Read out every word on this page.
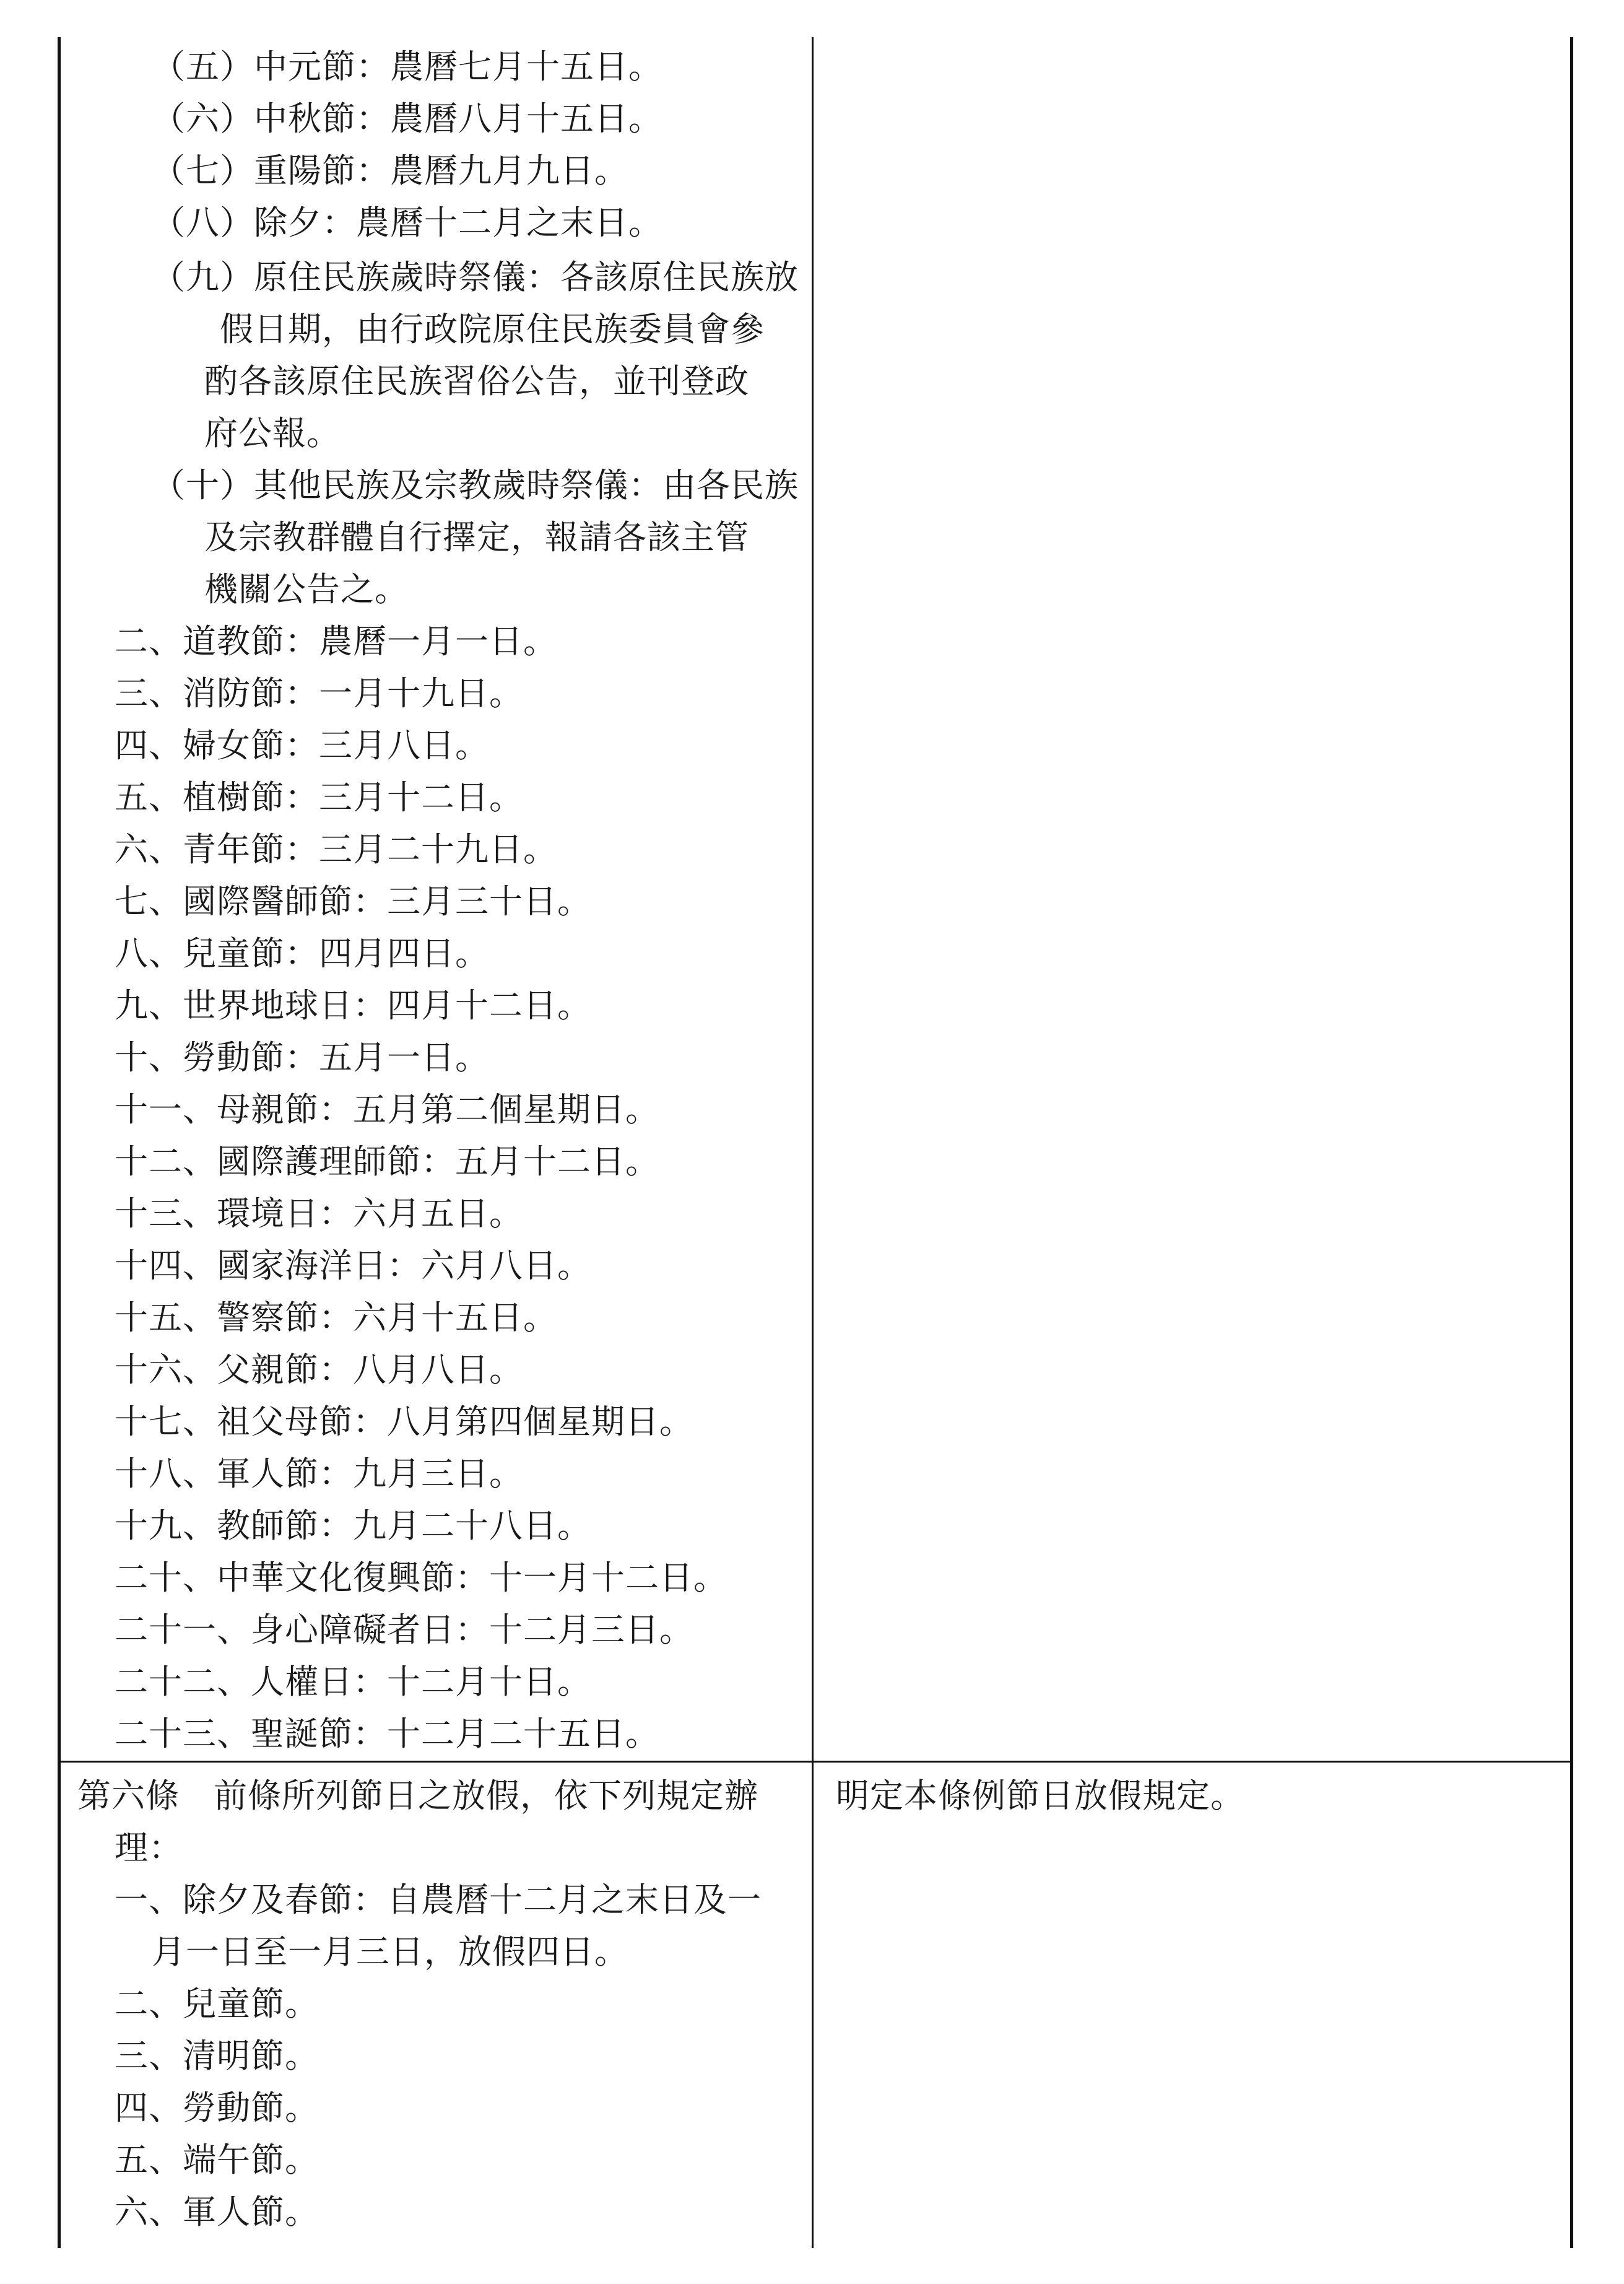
（五）中元節：農曆七月十五日。
（六）中秋節：農曆八月十五日。
（七）重陽節：農曆九月九日。
（八）除夕：農曆十二月之末日。
（九）原住民族歲時祭儀：各該原住民族放
假日期，由行政院原住民族委員會參
酌各該原住民族習俗公告，並刊登政
府公報。
（十）其他民族及宗教歲時祭儀：由各民族
及宗教群體自行擇定，報請各該主管
機關公告之。
二、道教節：農曆一月一日。
三、消防節：一月十九日。
四、婦女節：三月八日。
五、植樹節：三月十二日。
六、青年節：三月二十九日。
七、國際醫師節：三月三十日。
八、兒童節：四月四日。
九、世界地球日：四月十二日。
十、勞動節：五月一日。
十一、母親節：五月第二個星期日。
十二、國際護理師節：五月十二日。
十三、環境日：六月五日。
十四、國家海洋日：六月八日。
十五、警察節：六月十五日。
十六、父親節：八月八日。
十七、祖父母節：八月第四個星期日。
十八、軍人節：九月三日。
十九、教師節：九月二十八日。
二十、中華文化復興節：十一月十二日。
二十一、身心障礙者日：十二月三日。
二十二、人權日：十二月十日。
二十三、聖誕節：十二月二十五日。
第六條　前條所列節日之放假，依下列規定辦
理：
一、除夕及春節：自農曆十二月之末日及一
月一日至一月三日，放假四日。
二、兒童節。
三、清明節。
四、勞動節。
五、端午節。
六、軍人節。
明定本條例節日放假規定。
